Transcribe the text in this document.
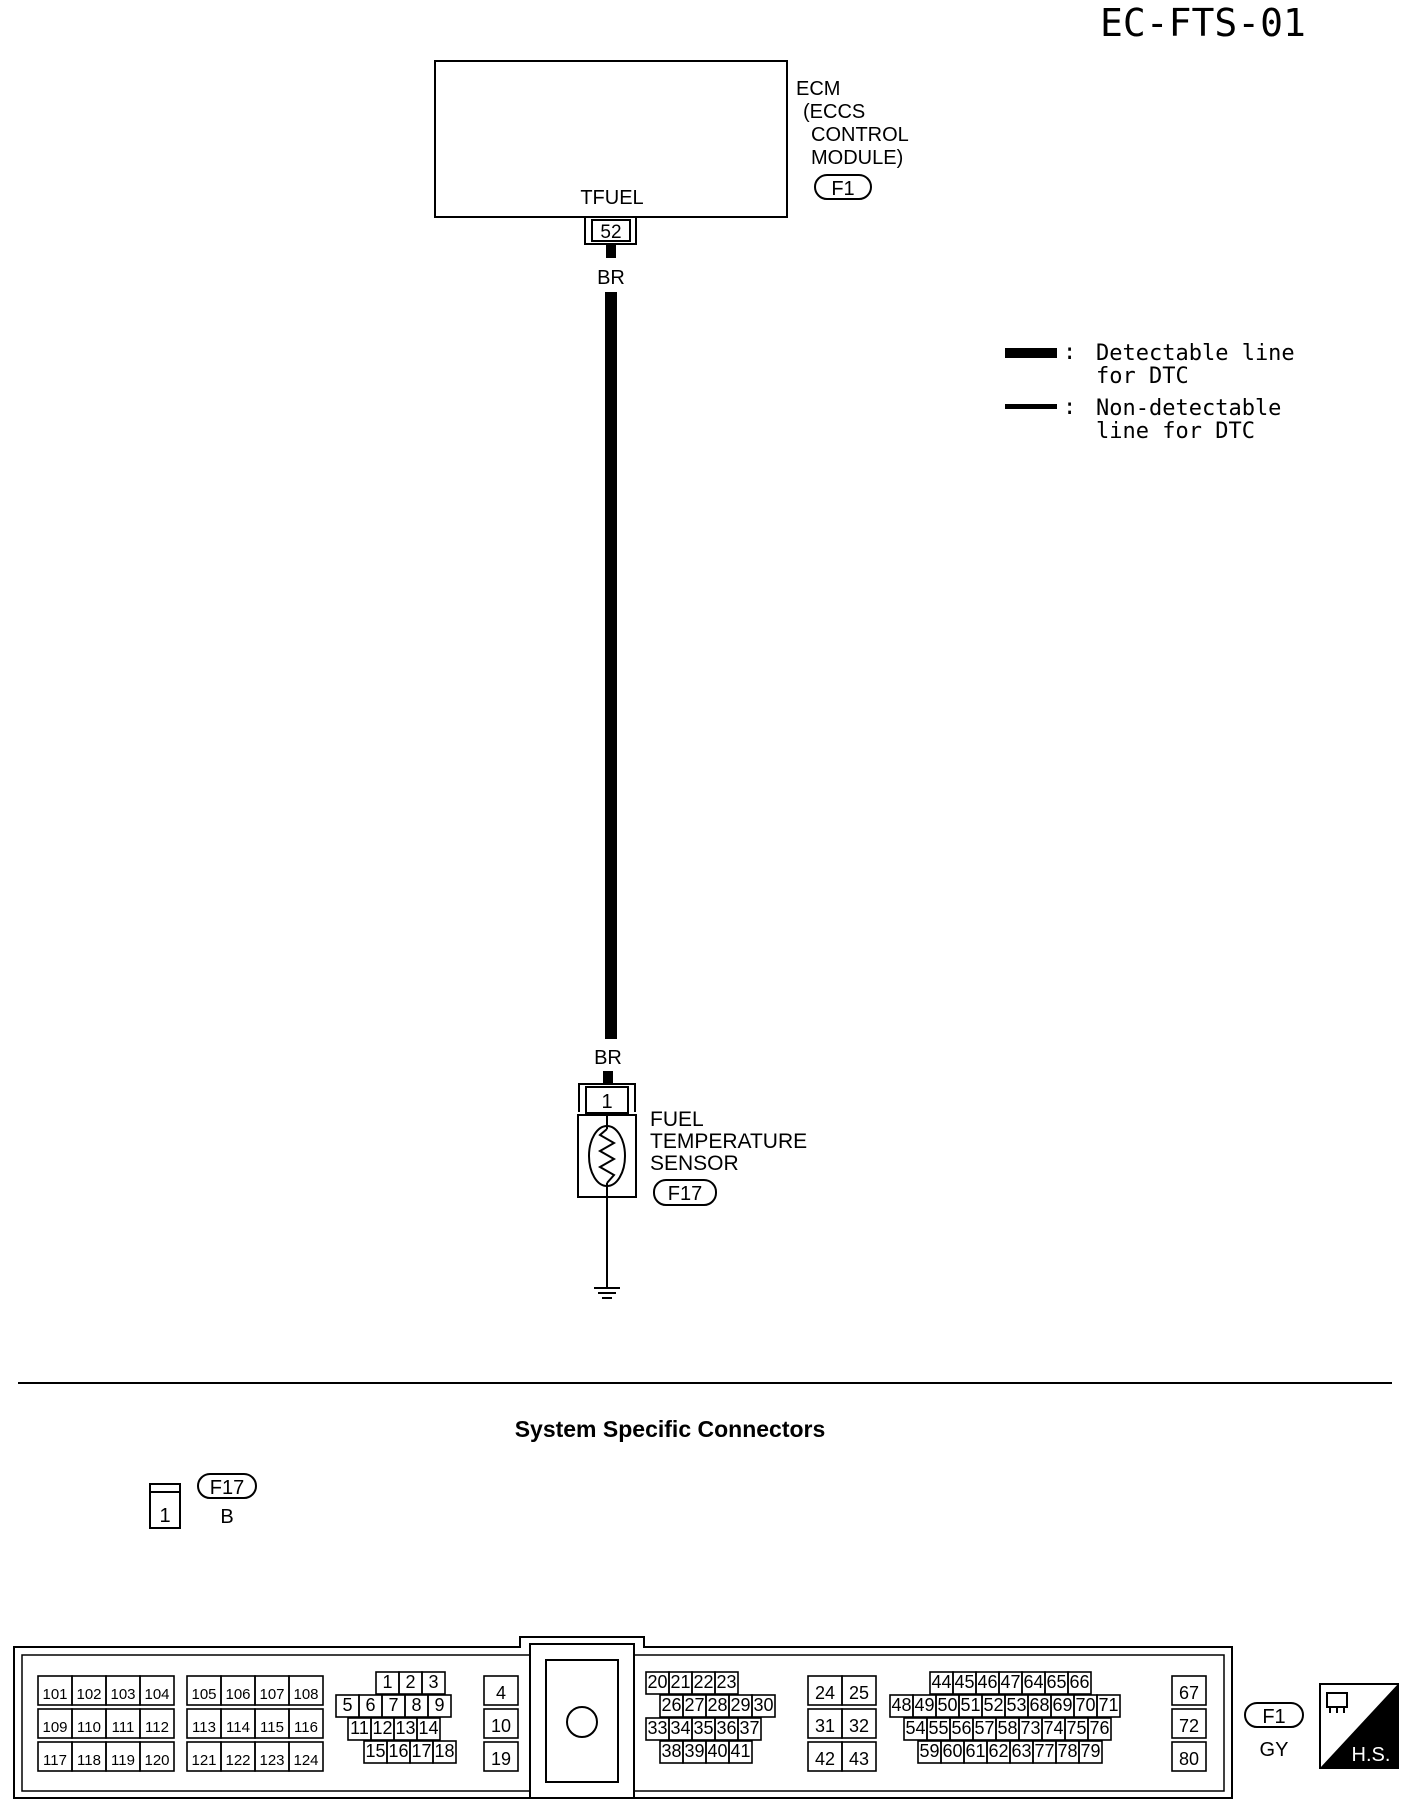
EC-FTS-01
TFUEL
ECM
(ECCS
CONTROL
MODULE)
F1
52
BR
BR
1
FUEL
TEMPERATURE
SENSOR
F17
: Detectable line
for DTC
: Non-detectable
line for DTC
System Specific Connectors
1
F17
B
101 102 103 104
109 110 111 112
117 118 119 120
105 106 107 108
113 114 115 116
121 122 123 124
1 2 3
5 6 7 8 9
11 12 13 14
15 16 17 18
4
10
19
20 21 22 23
26 27 28 29 30
33 34 35 36 37
38 39 40 41
24 25
31 32
42 43
44 45 46 47 64 65 66
48 49 50 51 52 53 68 69 70 71
54 55 56 57 58 73 74 75 76
59 60 61 62 63 77 78 79
67
72
80
F1
GY	H.S.
